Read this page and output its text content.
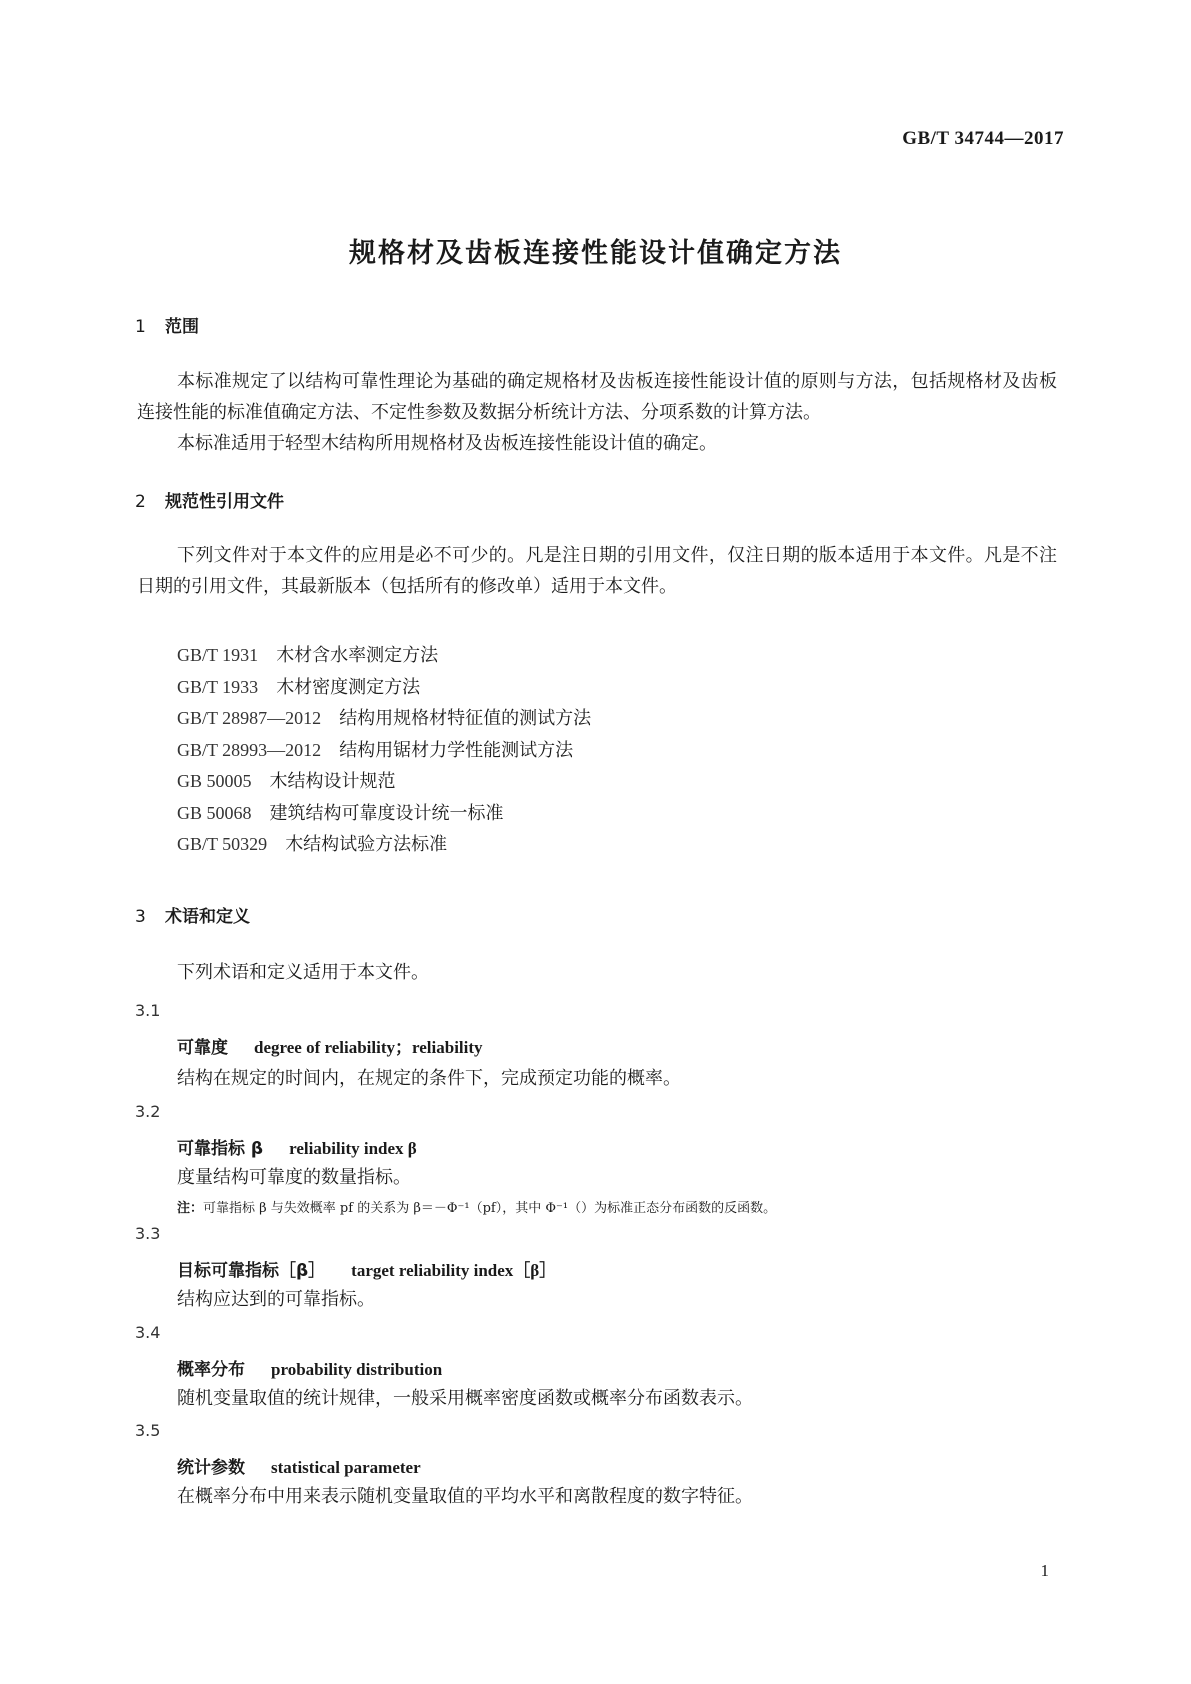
GB/T 34744—2017
规格材及齿板连接性能设计值确定方法
1 范围

本标准规定了以结构可靠性理论为基础的确定规格材及齿板连接性能设计值的原则与方法，包括规格材及齿板连接性能的标准值确定方法、不定性参数及数据分析统计方法、分项系数的计算方法。

本标准适用于轻型木结构所用规格材及齿板连接性能设计值的确定。

2 规范性引用文件

下列文件对于本文件的应用是必不可少的。凡是注日期的引用文件，仅注日期的版本适用于本文件。凡是不注日期的引用文件，其最新版本（包括所有的修改单）适用于本文件。

GB/T 1931 木材含水率测定方法
GB/T 1933 木材密度测定方法
GB/T 28987—2012 结构用规格材特征值的测试方法
GB/T 28993—2012 结构用锯材力学性能测试方法
GB 50005 木结构设计规范
GB 50068 建筑结构可靠度设计统一标准
GB/T 50329 木结构试验方法标准
3 术语和定义

下列术语和定义适用于本文件。

3.1
可靠度 degree of reliability；reliability
结构在规定的时间内，在规定的条件下，完成预定功能的概率。
3.2
可靠指标 β reliability index β
度量结构可靠度的数量指标。
注：可靠指标 β 与失效概率 pf 的关系为 β＝－Φ⁻¹（pf），其中 Φ⁻¹（）为标准正态分布函数的反函数。
3.3
目标可靠指标［β］ target reliability index［β］
结构应达到的可靠指标。
3.4
概率分布 probability distribution
随机变量取值的统计规律，一般采用概率密度函数或概率分布函数表示。
3.5
统计参数 statistical parameter
在概率分布中用来表示随机变量取值的平均水平和离散程度的数字特征。
1
